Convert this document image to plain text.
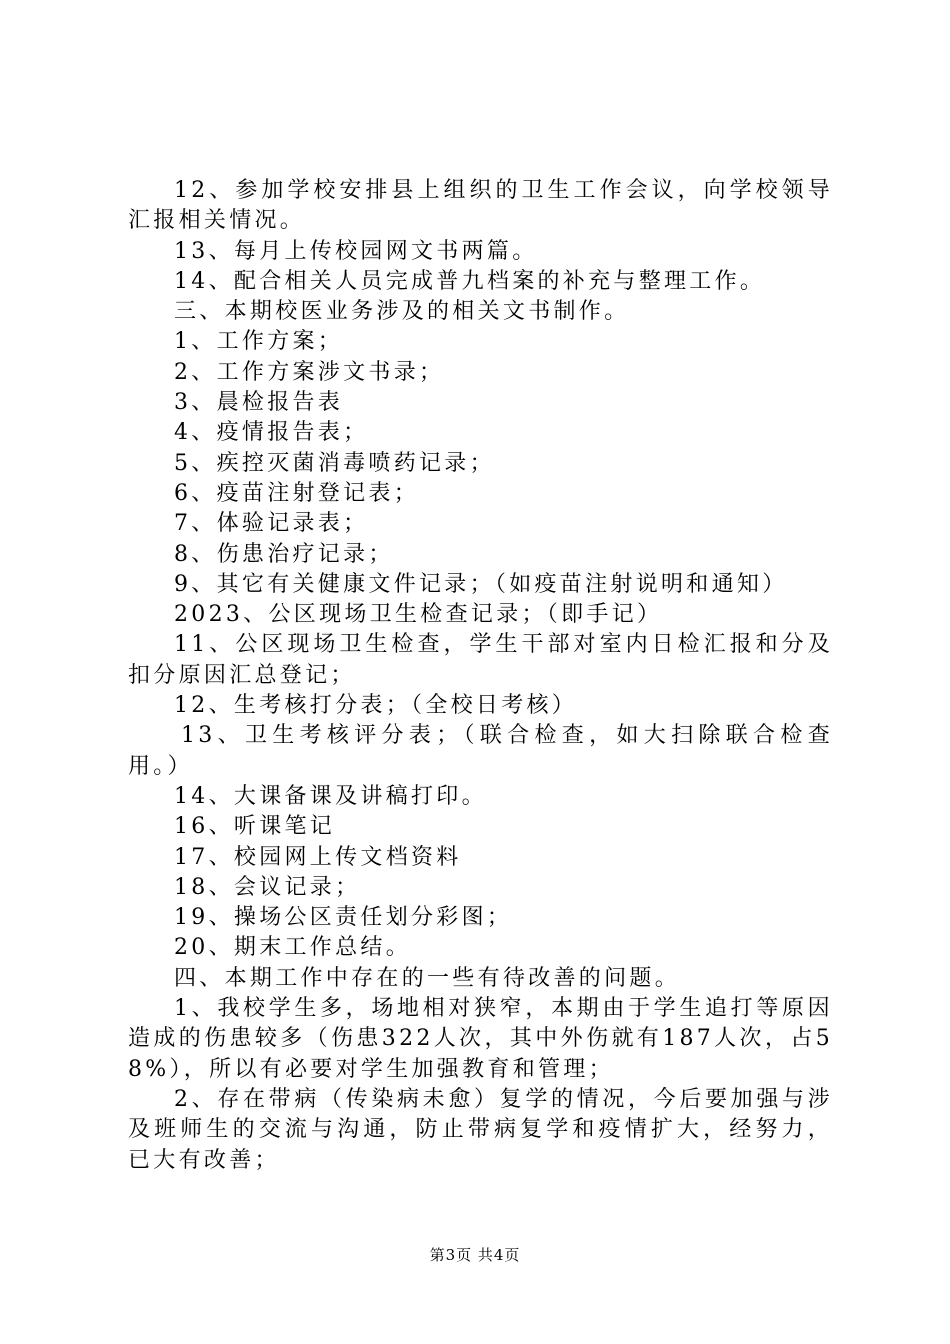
12、参加学校安排县上组织的卫生工作会议，向学校领导汇报相关情况。

13、每月上传校园网文书两篇。

14、配合相关人员完成普九档案的补充与整理工作。

三、本期校医业务涉及的相关文书制作。

1、工作方案；

2、工作方案涉文书录；

3、晨检报告表

4、疫情报告表；

5、疾控灭菌消毒喷药记录；

6、疫苗注射登记表；

7、体验记录表；

8、伤患治疗记录；

9、其它有关健康文件记录；（如疫苗注射说明和通知）

2023、公区现场卫生检查记录；（即手记）

11、公区现场卫生检查，学生干部对室内日检汇报和分及扣分原因汇总登记；

12、生考核打分表；（全校日考核）

13、卫生考核评分表；（联合检查，如大扫除联合检查用。）

14、大课备课及讲稿打印。

16、听课笔记

17、校园网上传文档资料

18、会议记录；

19、操场公区责任划分彩图；

20、期末工作总结。

四、本期工作中存在的一些有待改善的问题。

1、我校学生多，场地相对狭窄，本期由于学生追打等原因造成的伤患较多（伤患322人次，其中外伤就有187人次，占58%），所以有必要对学生加强教育和管理；

2、存在带病（传染病未愈）复学的情况，今后要加强与涉及班师生的交流与沟通，防止带病复学和疫情扩大，经努力，已大有改善；

第3页 共4页
